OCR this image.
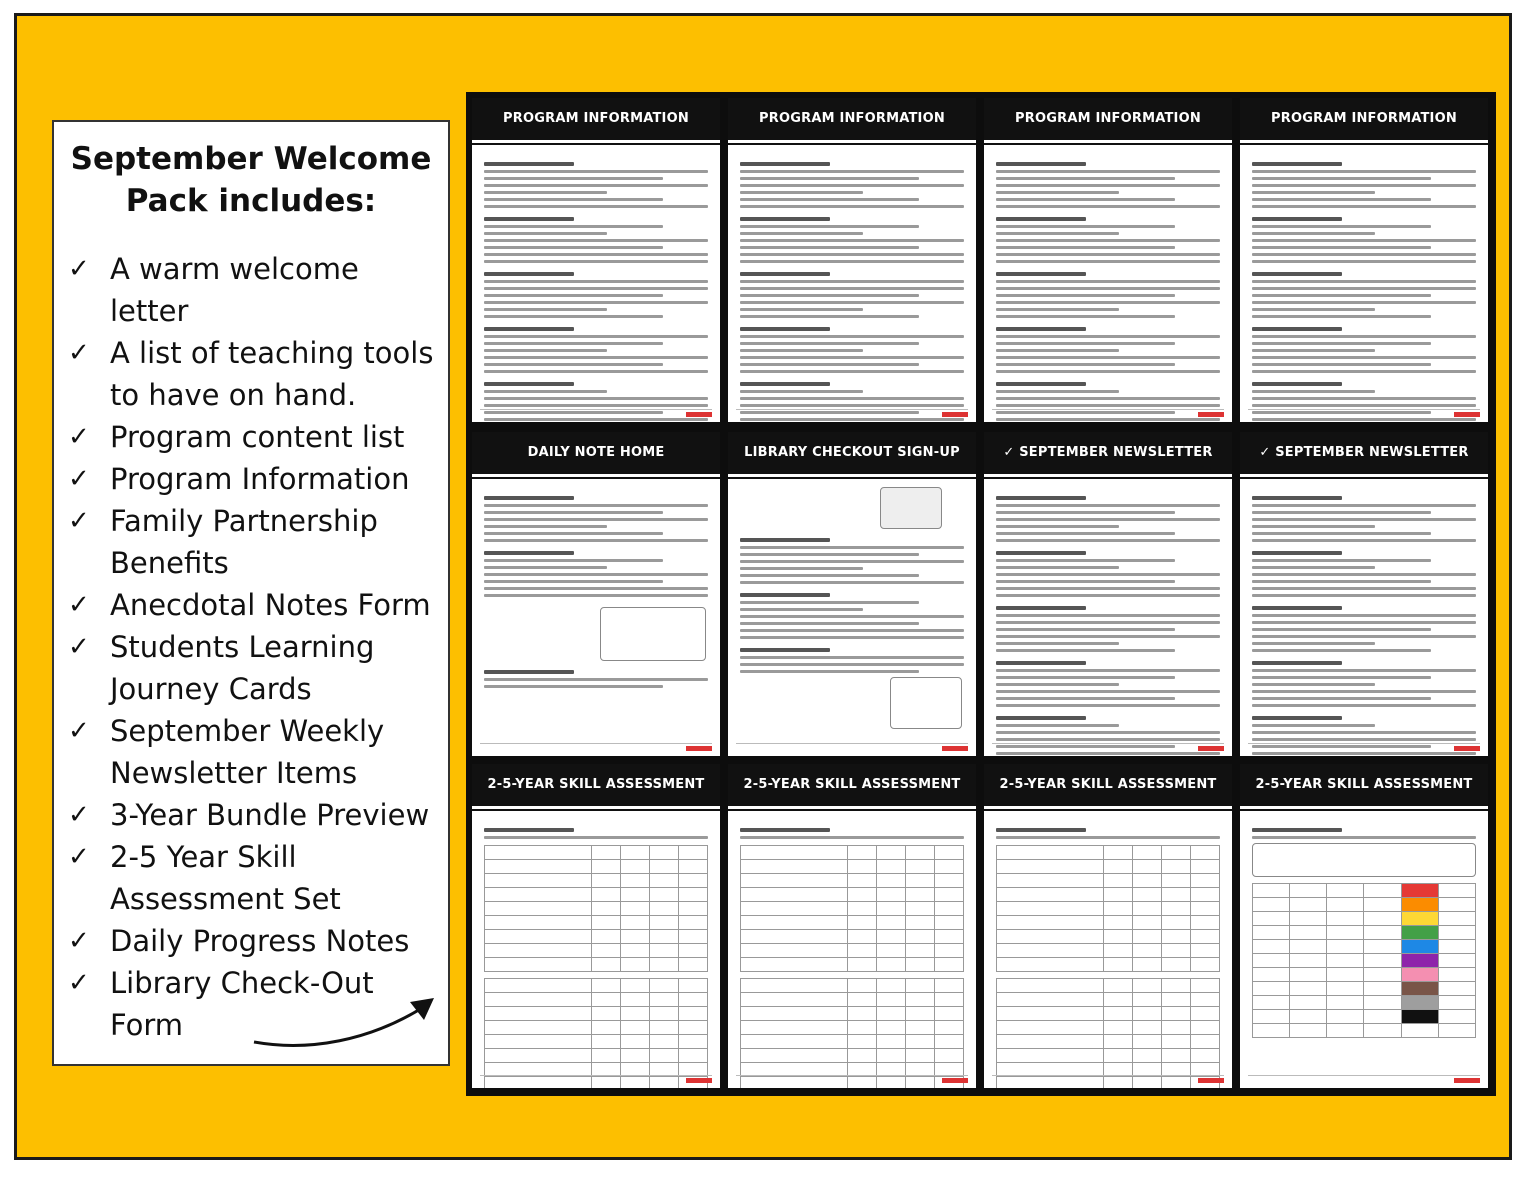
September Welcome
Pack includes:
✓ A warm welcome
letter
✓ A list of teaching tools
to have on hand.
✓ Program content list
✓ Program Information
✓ Family Partnership
Benefits
✓ Anecdotal Notes Form
✓ Students Learning
Journey Cards
✓ September Weekly
Newsletter Items
✓ 3-Year Bundle Preview
✓ 2-5 Year Skill
Assessment Set
✓ Daily Progress Notes
✓ Library Check-Out
Form
PROGRAM INFORMATION	PROGRAM INFORMATION	PROGRAM INFORMATION	PROGRAM INFORMATION
DAILY NOTE HOME	LIBRARY CHECKOUT SIGN-UP	✓ SEPTEMBER NEWSLETTER ITEMS
✓ SEPTEMBER NEWSLETTER ITEMS
2-5-YEAR SKILL ASSESSMENT

					2-5-YEAR SKILL ASSESSMENT

					2-5-YEAR SKILL ASSESSMENT

					2-5-YEAR SKILL ASSESSMENT
